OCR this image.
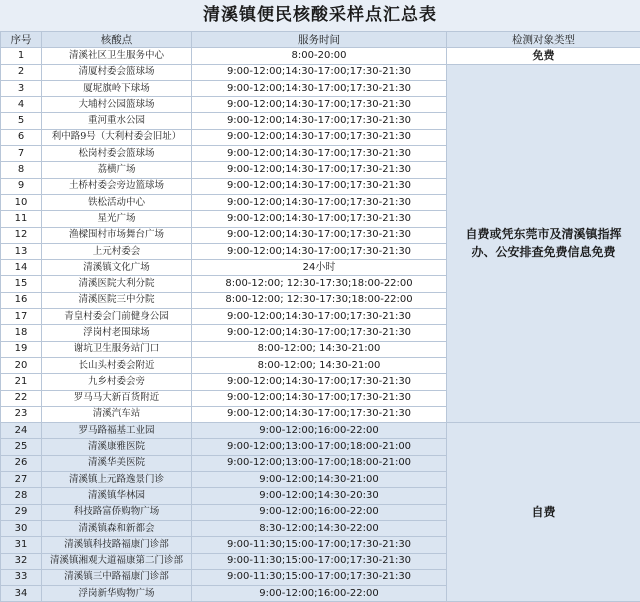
清溪镇便民核酸采样点汇总表
序号	核酸点	服务时间	检测对象类型
1	清溪社区卫生服务中心	8:00-20:00	免费
2	清厦村委会篮球场	9:00-12:00;14:30-17:00;17:30-21:30	自费或凭东莞市及清溪镇指挥办、公安排查免费信息免费
3	厦坭旗岭下球场	9:00-12:00;14:30-17:00;17:30-21:30	
4	大埔村公园篮球场	9:00-12:00;14:30-17:00;17:30-21:30	
5	重河重水公园	9:00-12:00;14:30-17:00;17:30-21:30	
6	利中路9号（大利村委会旧址）	9:00-12:00;14:30-17:00;17:30-21:30	
7	松岗村委会篮球场	9:00-12:00;14:30-17:00;17:30-21:30	
8	荔横广场	9:00-12:00;14:30-17:00;17:30-21:30	
9	土桥村委会旁边篮球场	9:00-12:00;14:30-17:00;17:30-21:30	
10	铁松活动中心	9:00-12:00;14:30-17:00;17:30-21:30	
11	星光广场	9:00-12:00;14:30-17:00;17:30-21:30	
12	渔樑围村市场舞台广场	9:00-12:00;14:30-17:00;17:30-21:30	
13	上元村委会	9:00-12:00;14:30-17:00;17:30-21:30	
14	清溪镇文化广场	24小时	
15	清溪医院大利分院	8:00-12:00; 12:30-17:30;18:00-22:00	
16	清溪医院三中分院	8:00-12:00; 12:30-17:30;18:00-22:00	
17	青皇村委会门前健身公园	9:00-12:00;14:30-17:00;17:30-21:30	
18	浮岗村老围球场	9:00-12:00;14:30-17:00;17:30-21:30	
19	谢坑卫生服务站门口	8:00-12:00; 14:30-21:00	
20	长山头村委会附近	8:00-12:00; 14:30-21:00	
21	九乡村委会旁	9:00-12:00;14:30-17:00;17:30-21:30	
22	罗马马大新百货附近	9:00-12:00;14:30-17:00;17:30-21:30	
23	清溪汽车站	9:00-12:00;14:30-17:00;17:30-21:30	
24	罗马路福基工业园	9:00-12:00;16:00-22:00	自费
25	清溪康雅医院	9:00-12:00;13:00-17:00;18:00-21:00	
26	清溪华美医院	9:00-12:00;13:00-17:00;18:00-21:00	
27	清溪镇上元路逸景门诊	9:00-12:00;14:30-21:00	
28	清溪镇华林园	9:00-12:00;14:30-20:30	
29	科技路富侨购物广场	9:00-12:00;16:00-22:00	
30	清溪镇森和新都会	8:30-12:00;14:30-22:00	
31	清溪镇科技路福康门诊部	9:00-11:30;15:00-17:00;17:30-21:30	
32	清溪镇湘观大道福康第二门诊部	9:00-11:30;15:00-17:00;17:30-21:30	
33	清溪镇三中路福康门诊部	9:00-11:30;15:00-17:00;17:30-21:30	
34	浮岗新华购物广场	9:00-12:00;16:00-22:00	
